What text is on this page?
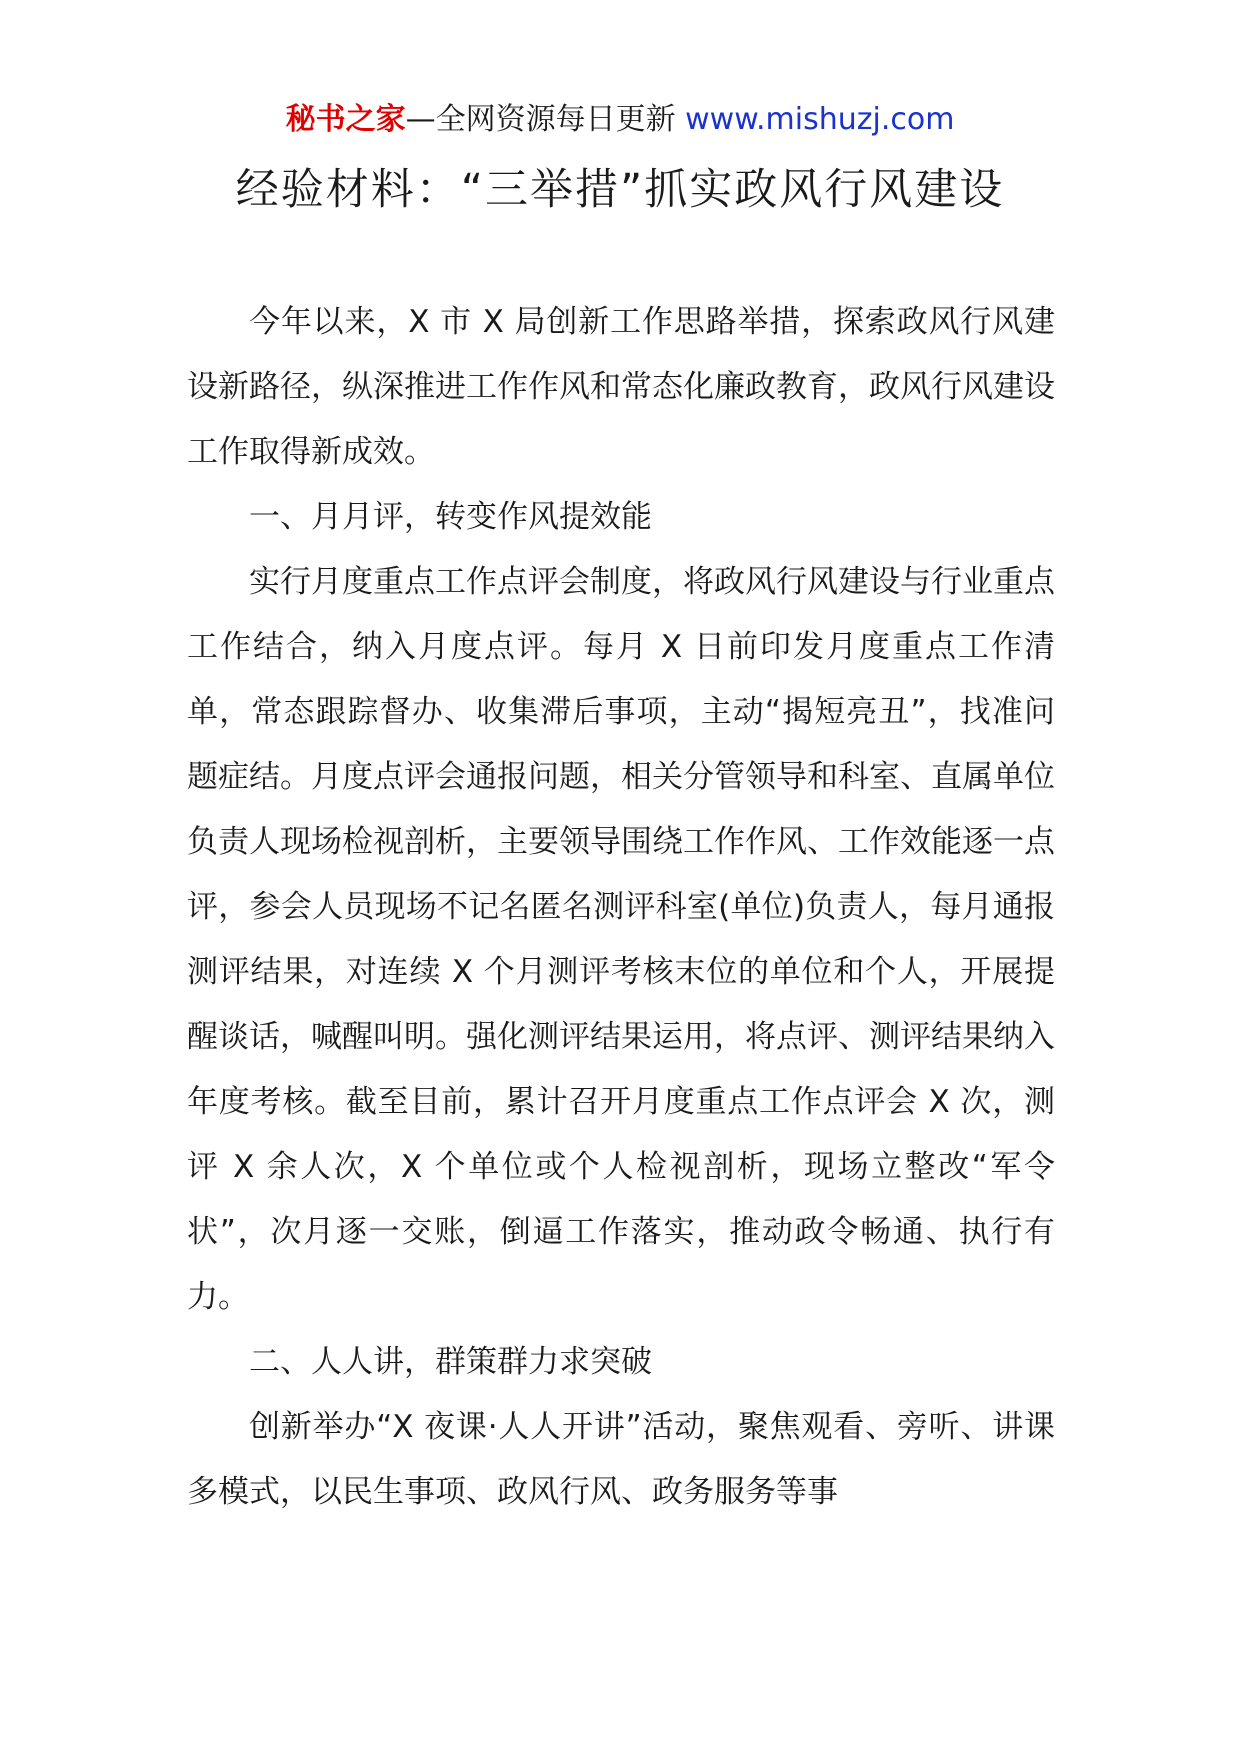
秘书之家—全网资源每日更新 www.mishuzj.com
经验材料：“三举措”抓实政风行风建设

今年以来，X 市 X 局创新工作思路举措，探索政风行风建设新路径，纵深推进工作作风和常态化廉政教育，政风行风建设工作取得新成效。

一、月月评，转变作风提效能

实行月度重点工作点评会制度，将政风行风建设与行业重点工作结合，纳入月度点评。每月 X 日前印发月度重点工作清单，常态跟踪督办、收集滞后事项，主动“揭短亮丑”，找准问题症结。月度点评会通报问题，相关分管领导和科室、直属单位负责人现场检视剖析，主要领导围绕工作作风、工作效能逐一点评，参会人员现场不记名匿名测评科室(单位)负责人，每月通报测评结果，对连续 X 个月测评考核末位的单位和个人，开展提醒谈话，喊醒叫明。强化测评结果运用，将点评、测评结果纳入年度考核。截至目前，累计召开月度重点工作点评会 X 次，测评 X 余人次，X 个单位或个人检视剖析，现场立整改“军令状”，次月逐一交账，倒逼工作落实，推动政令畅通、执行有力。

二、人人讲，群策群力求突破

创新举办“X 夜课·人人开讲”活动，聚焦观看、旁听、讲课多模式，以民生事项、政风行风、政务服务等事
